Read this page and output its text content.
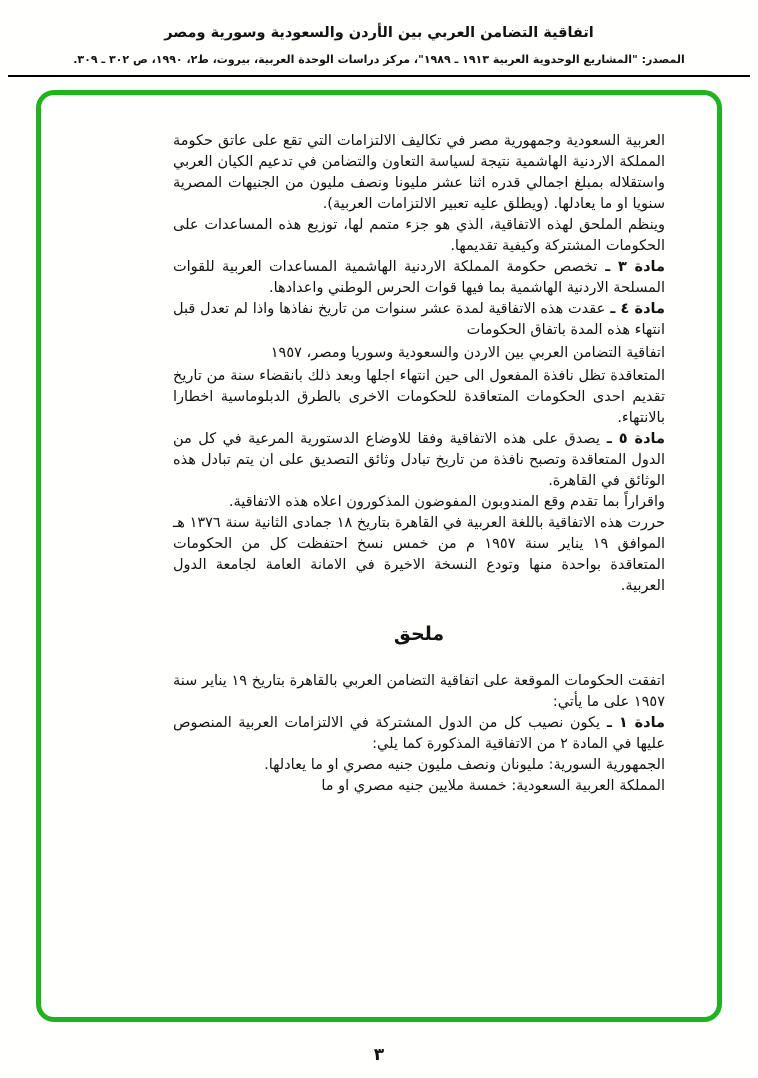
اتفاقية التضامن العربي بين الأردن والسعودية وسورية ومصر
المصدر: "المشاريع الوحدوية العربية ١٩١٣ ـ ١٩٨٩"، مركز دراسات الوحدة العربية، بيروت، ط٢، ١٩٩٠، ص ٣٠٢ ـ ٣٠٩.

العربية السعودية وجمهورية مصر في تكاليف الالتزامات التي تقع على عاتق حكومة المملكة الاردنية الهاشمية نتيجة لسياسة التعاون والتضامن في تدعيم الكيان العربي واستقلاله بمبلغ اجمالي قدره اثنا عشر مليونا ونصف مليون من الجنيهات المصرية سنويا او ما يعادلها. (ويطلق عليه تعبير الالتزامات العربية).

وينظم الملحق لهذه الاتفاقية، الذي هو جزء متمم لها، توزيع هذه المساعدات على الحكومات المشتركة وكيفية تقديمها.

مادة ٣ ـ تخصص حكومة المملكة الاردنية الهاشمية المساعدات العربية للقوات المسلحة الاردنية الهاشمية بما فيها قوات الحرس الوطني واعدادها.

مادة ٤ ـ عقدت هذه الاتفاقية لمدة عشر سنوات من تاريخ نفاذها واذا لم تعدل قبل انتهاء هذه المدة باتفاق الحكومات

اتفاقية التضامن العربي بين الاردن والسعودية وسوريا ومصر، ١٩٥٧

المتعاقدة تظل نافذة المفعول الى حين انتهاء اجلها وبعد ذلك بانقضاء سنة من تاريخ تقديم احدى الحكومات المتعاقدة للحكومات الاخرى بالطرق الدبلوماسية اخطارا بالانتهاء.

مادة ٥ ـ يصدق على هذه الاتفاقية وفقا للاوضاع الدستورية المرعية في كل من الدول المتعاقدة وتصبح نافذة من تاريخ تبادل وثائق التصديق على ان يتم تبادل هذه الوثائق في القاهرة.

واقراراً بما تقدم وقع المندوبون المفوضون المذكورون اعلاه هذه الاتفاقية.

حررت هذه الاتفاقية باللغة العربية في القاهرة بتاريخ ١٨ جمادى الثانية سنة ١٣٧٦ هـ الموافق ١٩ يناير سنة ١٩٥٧ م من خمس نسخ احتفظت كل من الحكومات المتعاقدة بواحدة منها وتودع النسخة الاخيرة في الامانة العامة لجامعة الدول العربية.

ملحق

اتفقت الحكومات الموقعة على اتفاقية التضامن العربي بالقاهرة بتاريخ ١٩ يناير سنة ١٩٥٧ على ما يأتي:

مادة ١ ـ يكون نصيب كل من الدول المشتركة في الالتزامات العربية المنصوص عليها في المادة ٢ من الاتفاقية المذكورة كما يلي:

الجمهورية السورية: مليونان ونصف مليون جنيه مصري او ما يعادلها.

المملكة العربية السعودية: خمسة ملايين جنيه مصري او ما

٣
